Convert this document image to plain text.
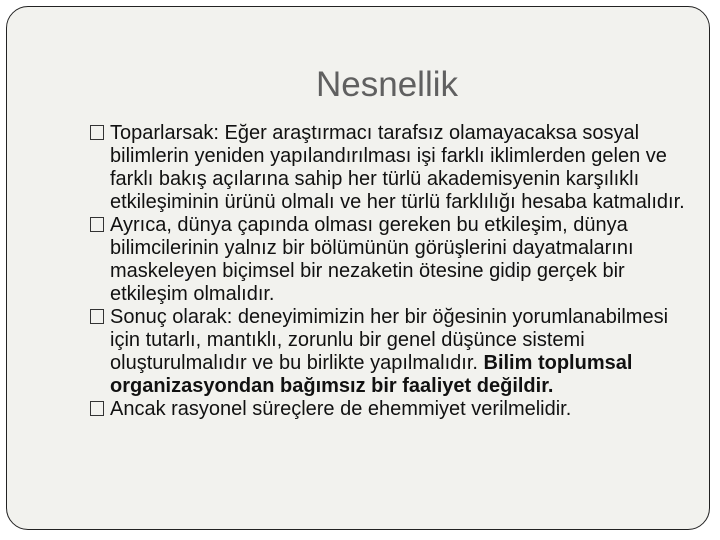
Nesnellik
Toparlarsak: Eğer araştırmacı tarafsız olamayacaksa sosyal bilimlerin yeniden yapılandırılması işi farklı iklimlerden gelen ve farklı bakış açılarına sahip her türlü akademisyenin karşılıklı etkileşiminin ürünü olmalı ve her türlü farklılığı hesaba katmalıdır.
Ayrıca, dünya çapında olması gereken bu etkileşim, dünya bilimcilerinin yalnız bir bölümünün görüşlerini dayatmalarını maskeleyen biçimsel bir nezaketin ötesine gidip gerçek bir etkileşim olmalıdır.
Sonuç olarak: deneyimimizin her bir öğesinin yorumlanabilmesi için tutarlı, mantıklı, zorunlu bir genel düşünce sistemi oluşturulmalıdır ve bu birlikte yapılmalıdır. Bilim toplumsal organizasyondan bağımsız bir faaliyet değildir.
Ancak rasyonel süreçlere de ehemmiyet verilmelidir.
